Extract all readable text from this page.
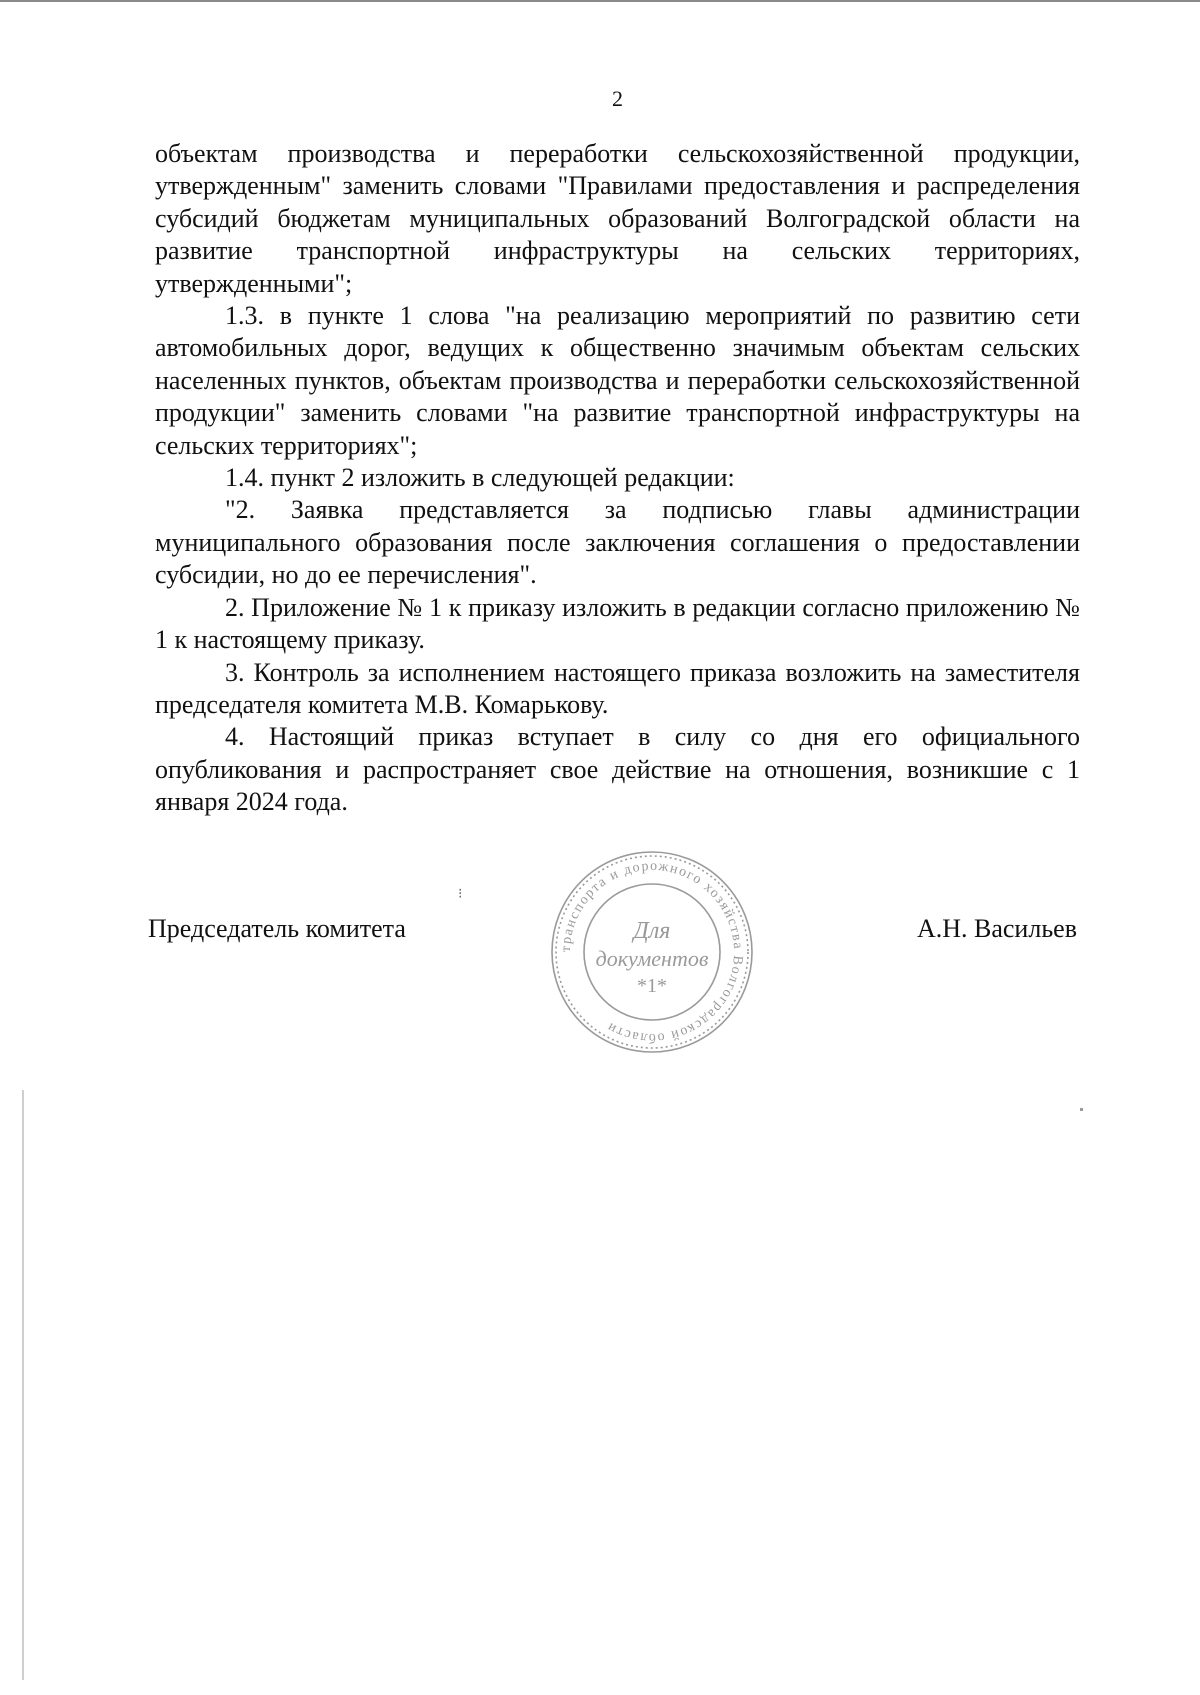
2

объектам производства и переработки сельскохозяйственной продукции, утвержденным" заменить словами "Правилами предоставления и распределения субсидий бюджетам муниципальных образований Волгоградской области на развитие транспортной инфраструктуры на сельских территориях, утвержденными";

1.3. в пункте 1 слова "на реализацию мероприятий по развитию сети автомобильных дорог, ведущих к общественно значимым объектам сельских населенных пунктов, объектам производства и переработки сельскохозяйственной продукции" заменить словами "на развитие транспортной инфраструктуры на сельских территориях";

1.4. пункт 2 изложить в следующей редакции:

"2. Заявка представляется за подписью главы администрации муниципального образования после заключения соглашения о предоставлении субсидии, но до ее перечисления".

2. Приложение № 1 к приказу изложить в редакции согласно приложению № 1 к настоящему приказу.

3. Контроль за исполнением настоящего приказа возложить на заместителя председателя комитета М.В. Комарькову.

4. Настоящий приказ вступает в силу со дня его официального опубликования и распространяет свое действие на отношения, возникшие с 1 января 2024 года.

⁝
транспорта и дорожного хозяйства Волгоградской области
Для
документов
*1*
Председатель комитета	А.Н. Васильев
